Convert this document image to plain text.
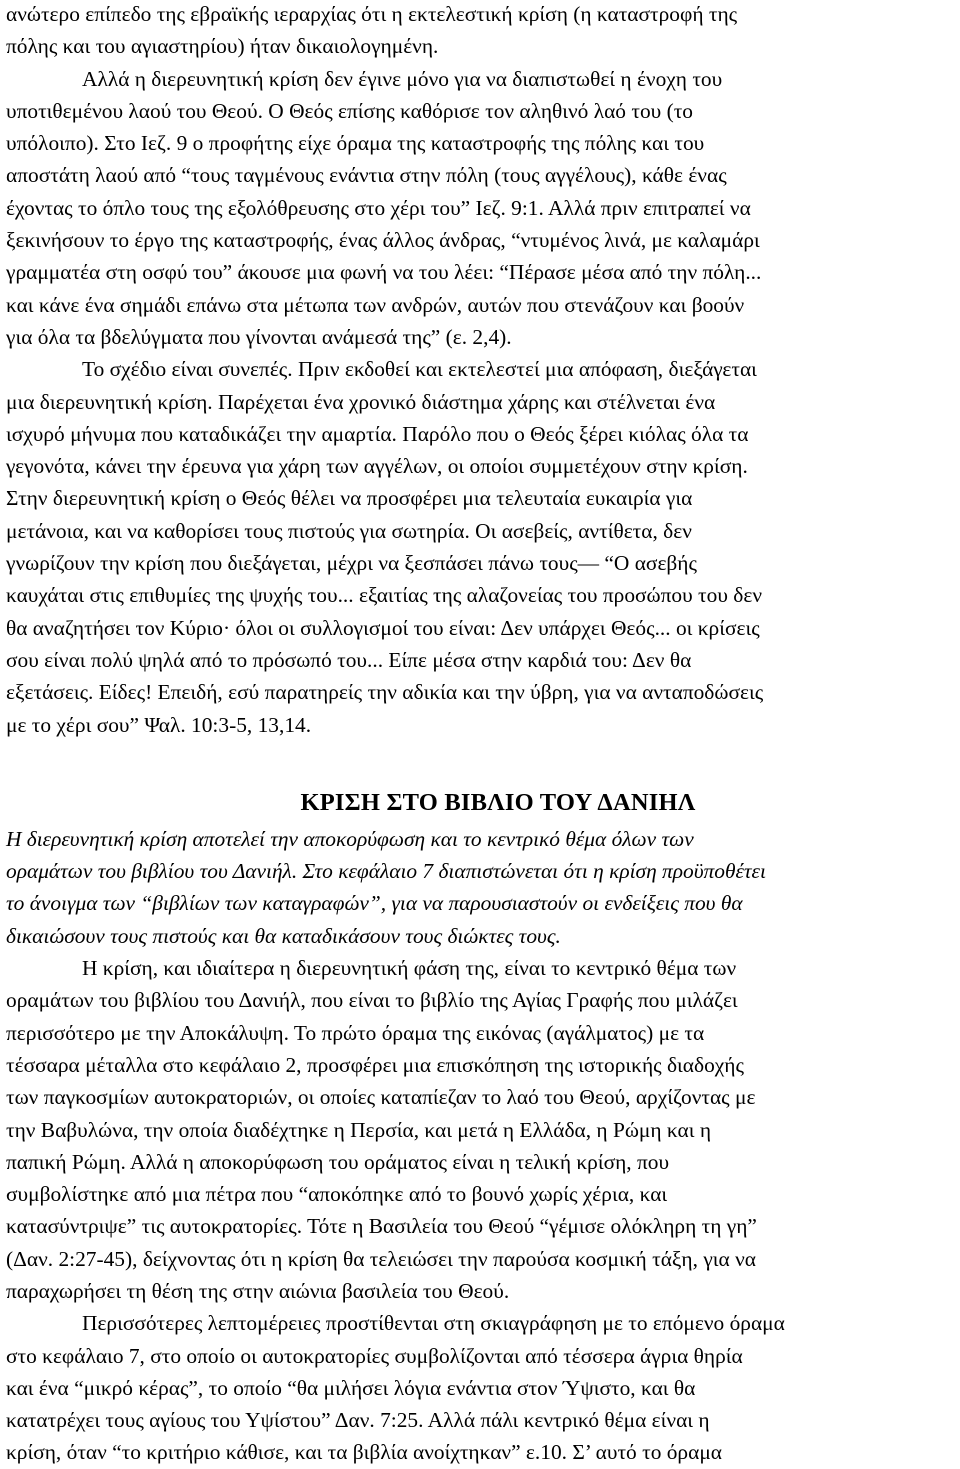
ανώτερο επίπεδο της εβραϊκής ιεραρχίας ότι η εκτελεστική κρίση (η καταστροφή της
πόλης και του αγιαστηρίου) ήταν δικαιολογημένη.

Αλλά η διερευνητική κρίση δεν έγινε μόνο για να διαπιστωθεί η ένοχη του
υποτιθεμένου λαού του Θεού. Ο Θεός επίσης καθόρισε τον αληθινό λαό του (το
υπόλοιπο). Στο Ιεζ. 9 ο προφήτης είχε όραμα της καταστροφής της πόλης και του
αποστάτη λαού από “τους ταγμένους ενάντια στην πόλη (τους αγγέλους), κάθε ένας
έχοντας το όπλο τους της εξολόθρευσης στο χέρι του” Ιεζ. 9:1. Αλλά πριν επιτραπεί να
ξεκινήσουν το έργο της καταστροφής, ένας άλλος άνδρας, “ντυμένος λινά, με καλαμάρι
γραμματέα στη οσφύ του” άκουσε μια φωνή να του λέει: “Πέρασε μέσα από την πόλη...
και κάνε ένα σημάδι επάνω στα μέτωπα των ανδρών, αυτών που στενάζουν και βοούν
για όλα τα βδελύγματα που γίνονται ανάμεσά της” (ε. 2,4).

Το σχέδιο είναι συνεπές. Πριν εκδοθεί και εκτελεστεί μια απόφαση, διεξάγεται
μια διερευνητική κρίση. Παρέχεται ένα χρονικό διάστημα χάρης και στέλνεται ένα
ισχυρό μήνυμα που καταδικάζει την αμαρτία. Παρόλο που ο Θεός ξέρει κιόλας όλα τα
γεγονότα, κάνει την έρευνα για χάρη των αγγέλων, οι οποίοι συμμετέχουν στην κρίση.
Στην διερευνητική κρίση ο Θεός θέλει να προσφέρει μια τελευταία ευκαιρία για
μετάνοια, και να καθορίσει τους πιστούς για σωτηρία. Οι ασεβείς, αντίθετα, δεν
γνωρίζουν την κρίση που διεξάγεται, μέχρι να ξεσπάσει πάνω τους— “Ο ασεβής
καυχάται στις επιθυμίες της ψυχής του... εξαιτίας της αλαζονείας του προσώπου του δεν
θα αναζητήσει τον Κύριο· όλοι οι συλλογισμοί του είναι: Δεν υπάρχει Θεός... οι κρίσεις
σου είναι πολύ ψηλά από το πρόσωπό του... Είπε μέσα στην καρδιά του: Δεν θα
εξετάσεις. Είδες! Επειδή, εσύ παρατηρείς την αδικία και την ύβρη, για να ανταποδώσεις
με το χέρι σου” Ψαλ. 10:3-5, 13,14.

ΚΡΙΣΗ ΣΤΟ ΒΙΒΛΙΟ ΤΟΥ ΔΑΝΙΗΛ

Η διερευνητική κρίση αποτελεί την αποκορύφωση και το κεντρικό θέμα όλων των
οραμάτων του βιβλίου του Δανιήλ. Στο κεφάλαιο 7 διαπιστώνεται ότι η κρίση προϋποθέτει
το άνοιγμα των “βιβλίων των καταγραφών”, για να παρουσιαστούν οι ενδείξεις που θα
δικαιώσουν τους πιστούς και θα καταδικάσουν τους διώκτες τους.

Η κρίση, και ιδιαίτερα η διερευνητική φάση της, είναι το κεντρικό θέμα των
οραμάτων του βιβλίου του Δανιήλ, που είναι το βιβλίο της Αγίας Γραφής που μιλάζει
περισσότερο με την Αποκάλυψη. Το πρώτο όραμα της εικόνας (αγάλματος) με τα
τέσσαρα μέταλλα στο κεφάλαιο 2, προσφέρει μια επισκόπηση της ιστορικής διαδοχής
των παγκοσμίων αυτοκρατοριών, οι οποίες καταπίεζαν το λαό του Θεού, αρχίζοντας με
την Βαβυλώνα, την οποία διαδέχτηκε η Περσία, και μετά η Ελλάδα, η Ρώμη και η
παπική Ρώμη. Αλλά η αποκορύφωση του οράματος είναι η τελική κρίση, που
συμβολίστηκε από μια πέτρα που “αποκόπηκε από το βουνό χωρίς χέρια, και
κατασύντριψε” τις αυτοκρατορίες. Τότε η Βασιλεία του Θεού “γέμισε ολόκληρη τη γη”
(Δαν. 2:27-45), δείχνοντας ότι η κρίση θα τελειώσει την παρούσα κοσμική τάξη, για να
παραχωρήσει τη θέση της στην αιώνια βασιλεία του Θεού.

Περισσότερες λεπτομέρειες προστίθενται στη σκιαγράφηση με το επόμενο όραμα
στο κεφάλαιο 7, στο οποίο οι αυτοκρατορίες συμβολίζονται από τέσσερα άγρια θηρία
και ένα “μικρό κέρας”, το οποίο “θα μιλήσει λόγια ενάντια στον Ύψιστο, και θα
κατατρέχει τους αγίους του Υψίστου” Δαν. 7:25. Αλλά πάλι κεντρικό θέμα είναι η
κρίση, όταν “το κριτήριο κάθισε, και τα βιβλία ανοίχτηκαν” ε.10. Σ’ αυτό το όραμα
